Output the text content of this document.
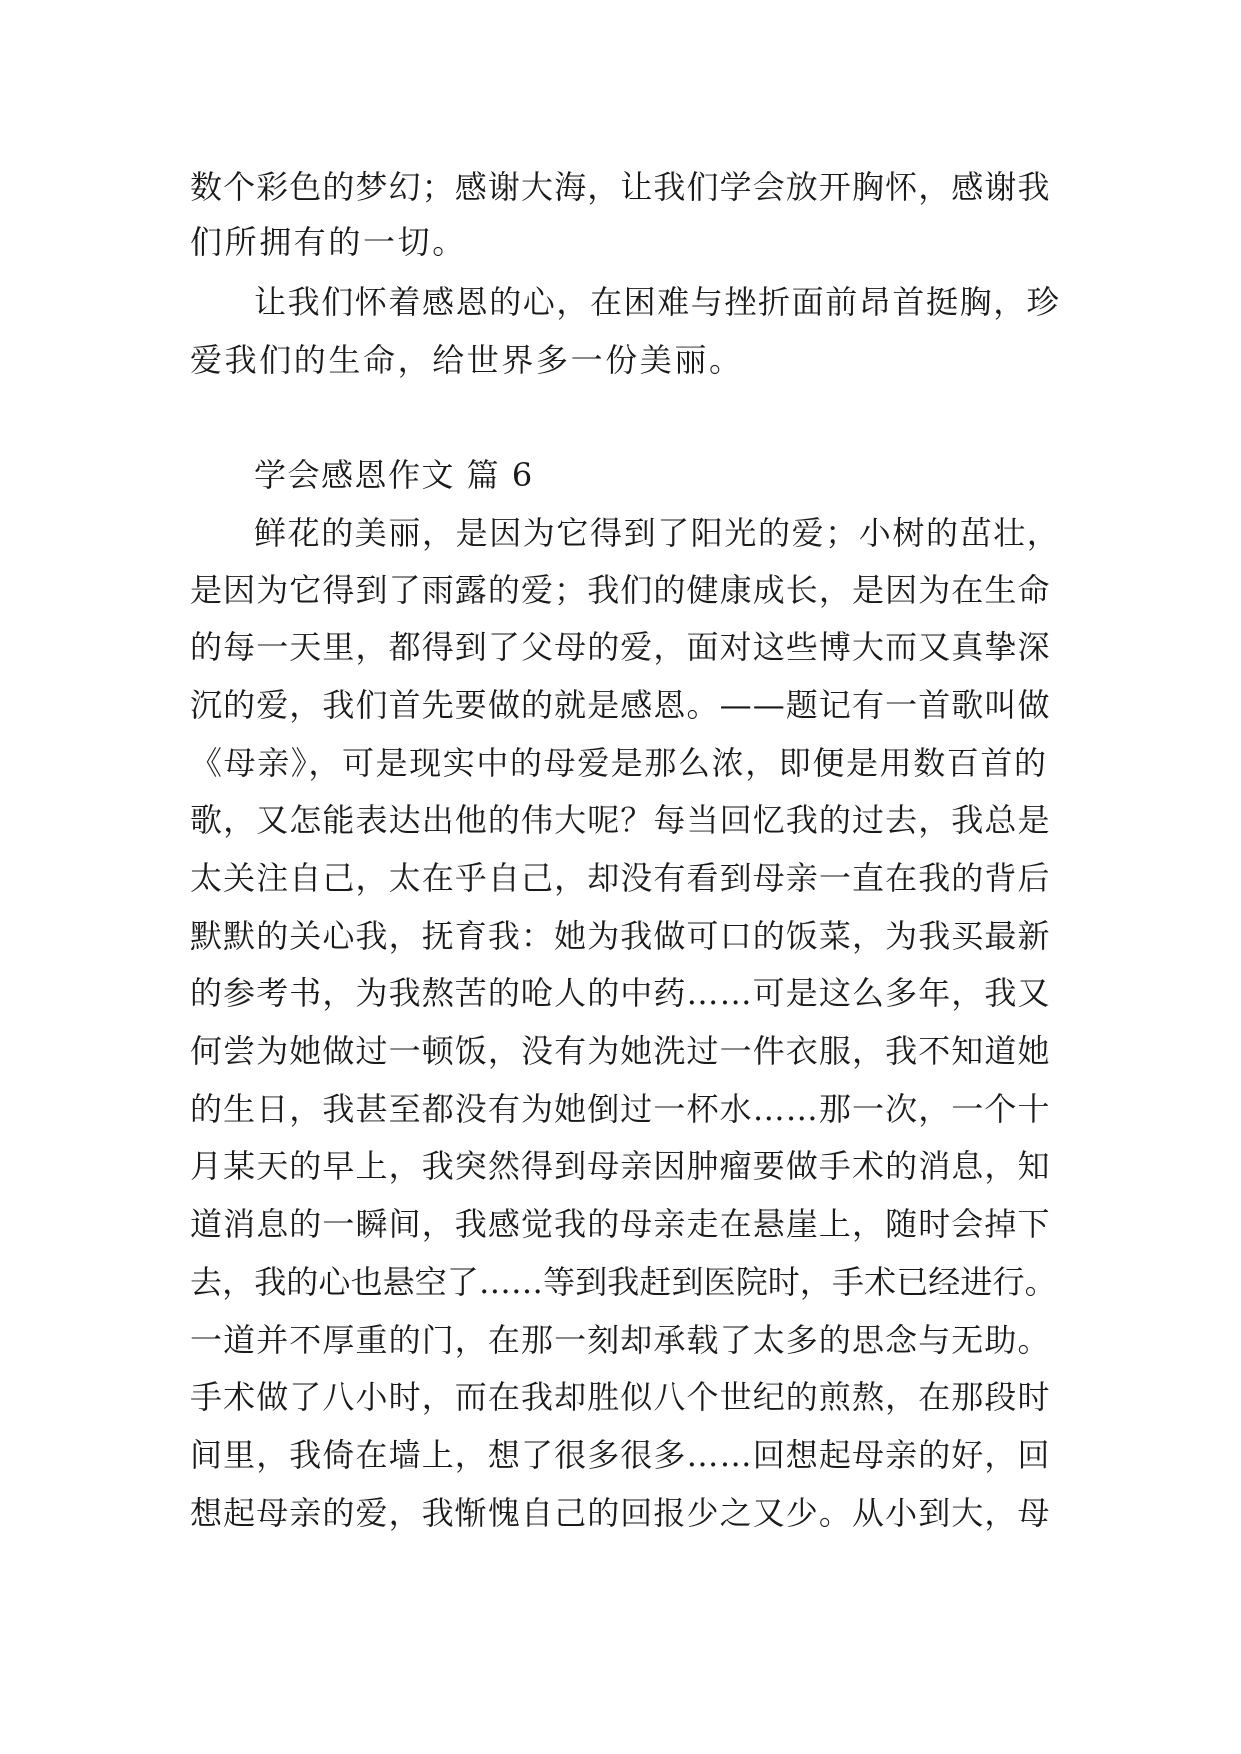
数个彩色的梦幻；感谢大海，让我们学会放开胸怀，感谢我
们所拥有的一切。
让我们怀着感恩的心，在困难与挫折面前昂首挺胸，珍
爱我们的生命，给世界多一份美丽。
学会感恩作文 篇 6
鲜花的美丽，是因为它得到了阳光的爱；小树的茁壮，
是因为它得到了雨露的爱；我们的健康成长，是因为在生命
的每一天里，都得到了父母的爱，面对这些博大而又真挚深
沉的爱，我们首先要做的就是感恩。——题记有一首歌叫做
《母亲》，可是现实中的母爱是那么浓，即便是用数百首的
歌，又怎能表达出他的伟大呢？每当回忆我的过去，我总是
太关注自己，太在乎自己，却没有看到母亲一直在我的背后
默默的关心我，抚育我：她为我做可口的饭菜，为我买最新
的参考书，为我熬苦的呛人的中药……可是这么多年，我又
何尝为她做过一顿饭，没有为她洗过一件衣服，我不知道她
的生日，我甚至都没有为她倒过一杯水……那一次，一个十
月某天的早上，我突然得到母亲因肿瘤要做手术的消息，知
道消息的一瞬间，我感觉我的母亲走在悬崖上，随时会掉下
去，我的心也悬空了……等到我赶到医院时，手术已经进行。
一道并不厚重的门，在那一刻却承载了太多的思念与无助。
手术做了八小时，而在我却胜似八个世纪的煎熬，在那段时
间里，我倚在墙上，想了很多很多……回想起母亲的好，回
想起母亲的爱，我惭愧自己的回报少之又少。从小到大，母
